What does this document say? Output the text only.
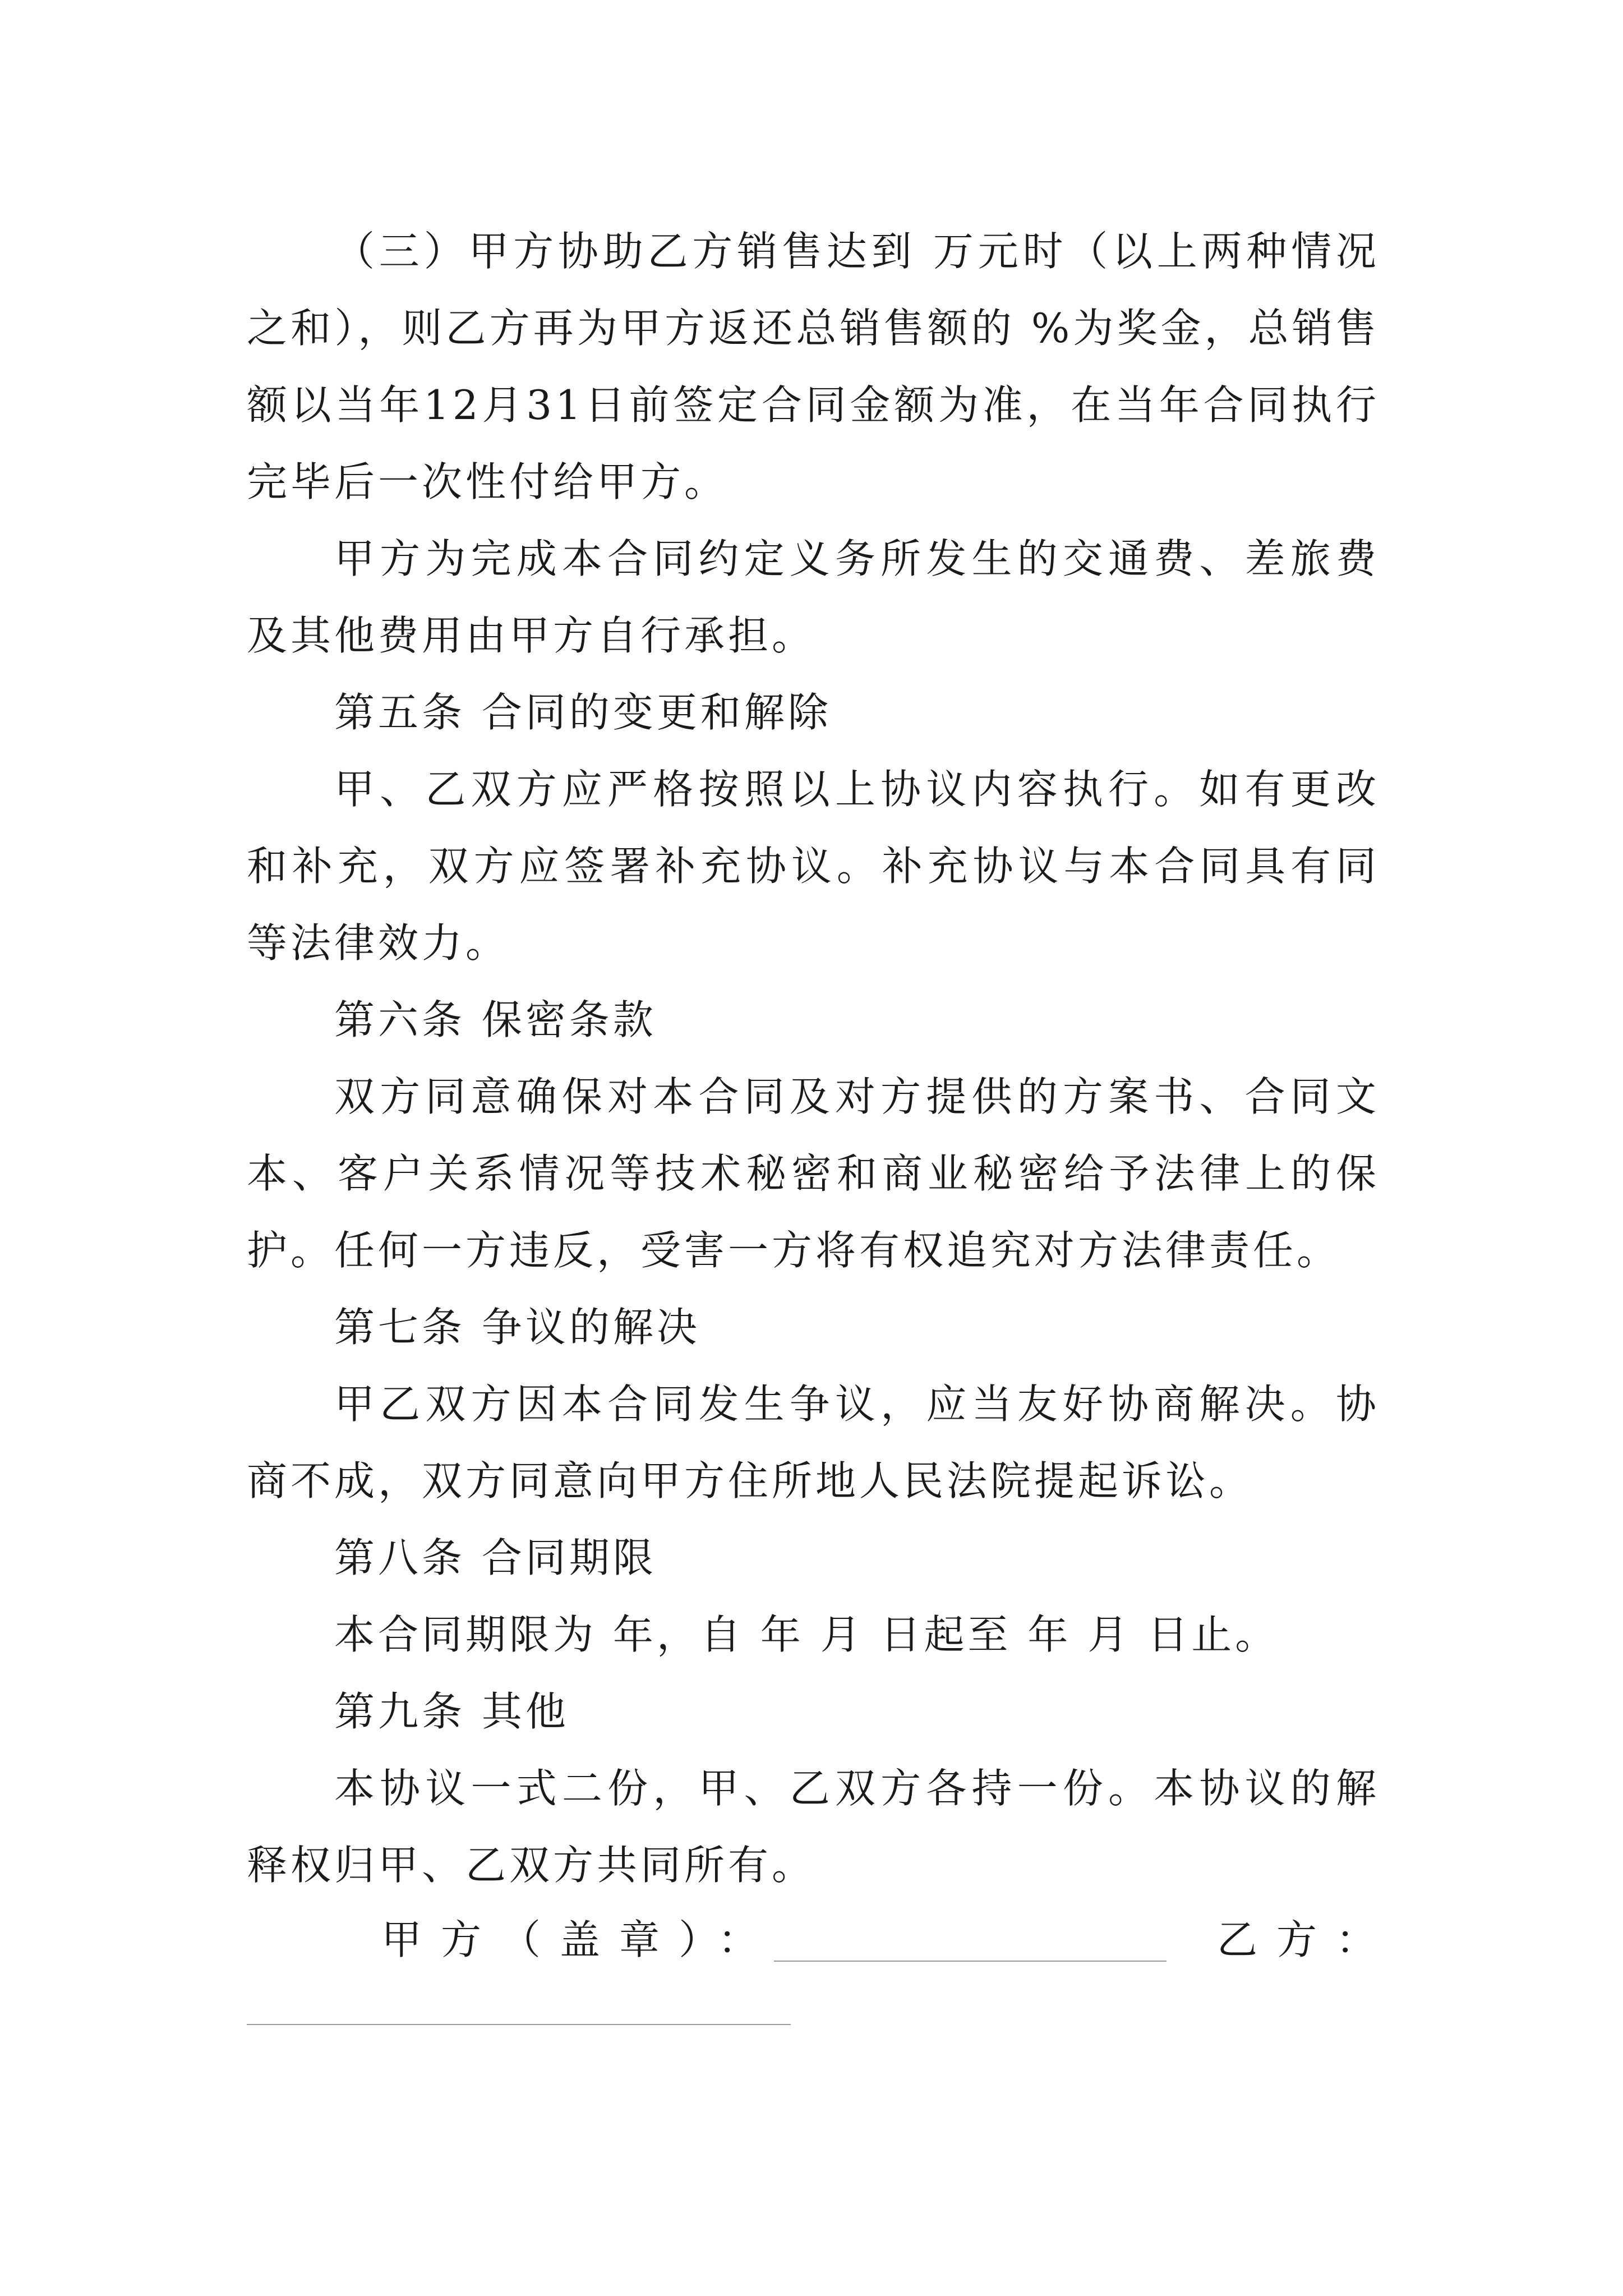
（三）甲方协助乙方销售达到 万元时（以上两种情况之和），则乙方再为甲方返还总销售额的 %为奖金，总销售额以当年12月31日前签定合同金额为准，在当年合同执行完毕后一次性付给甲方。

甲方为完成本合同约定义务所发生的交通费、差旅费及其他费用由甲方自行承担。

第五条 合同的变更和解除

甲、乙双方应严格按照以上协议内容执行。如有更改和补充，双方应签署补充协议。补充协议与本合同具有同等法律效力。

第六条 保密条款

双方同意确保对本合同及对方提供的方案书、合同文本、客户关系情况等技术秘密和商业秘密给予法律上的保护。任何一方违反，受害一方将有权追究对方法律责任。

第七条 争议的解决

甲乙双方因本合同发生争议，应当友好协商解决。协商不成，双方同意向甲方住所地人民法院提起诉讼。

第八条 合同期限

本合同期限为 年，自 年 月 日起至 年 月 日止。

第九条 其他

本协议一式二份，甲、乙双方各持一份。本协议的解释权归甲、乙双方共同所有。

甲方（盖章）：	乙方：
